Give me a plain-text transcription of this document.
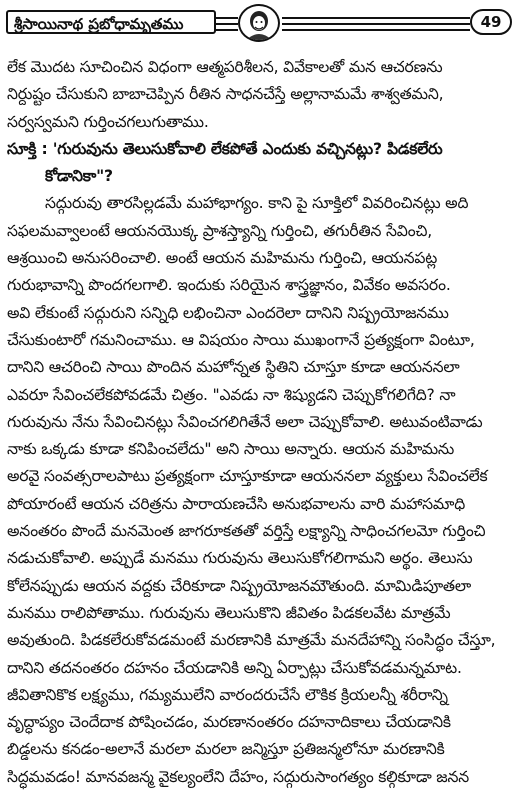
శ్రీసాయినాథ ప్రబోధామృతము	49
లేక మొదట సూచించిన విధంగా ఆత్మపరిశీలన, వివేకాలతో మన ఆచరణను
నిర్దుష్టం చేసుకుని బాబాచెప్పిన రీతిన సాధనచేస్తే అల్లానామమే శాశ్వతమని,
సర్వస్వమని గుర్తించగలుగుతాము.
సూక్తి : 'గురువును తెలుసుకోవాలి లేకపోతే ఎందుకు వచ్చినట్లు? పిడకలేరు
కోడానికా"?
సద్గురువు తారసిల్లడమే మహాభాగ్యం. కాని పై సూక్తిలో వివరించినట్లు అది
సఫలమవ్వాలంటే ఆయనయొక్క ప్రాశస్త్యాన్ని గుర్తించి, తగురీతిన సేవించి,
ఆశ్రయించి అనుసరించాలి. అంటే ఆయన మహిమను గుర్తించి, ఆయనపట్ల
గురుభావాన్ని పొందగలగాలి. ఇందుకు సరియైన శాస్త్రజ్ఞానం, వివేకం అవసరం.
అవి లేకుంటే సద్గురుని సన్నిధి లభించినా ఎందరెలా దానిని నిష్ప్రయోజనము
చేసుకుంటారో గమనించాము. ఆ విషయం సాయి ముఖంగానే ప్రత్యక్షంగా వింటూ,
దానిని ఆచరించి సాయి పొందిన మహోన్నత స్థితిని చూస్తూ కూడా ఆయననలా
ఎవరూ సేవించలేకపోవడమే చిత్రం. "ఎవడు నా శిష్యుడని చెప్పుకోగలిగేది? నా
గురువును నేను సేవించినట్లు సేవించగలిగితేనే అలా చెప్పుకోవాలి. అటువంటివాడు
నాకు ఒక్కడు కూడా కనిపించలేదు" అని సాయి అన్నారు. ఆయన మహిమను
అరవై సంవత్సరాలపాటు ప్రత్యక్షంగా చూస్తూకూడా ఆయననలా వ్యక్తులు సేవించలేక
పోయారంటే ఆయన చరిత్రను పారాయణచేసి అనుభవాలను వారి మహాసమాధి
అనంతరం పొందే మనమెంత జాగరూకతతో వర్తిస్తే లక్ష్యాన్ని సాధించగలమో గుర్తించి
నడుచుకోవాలి. అప్పుడే మనము గురువును తెలుసుకోగలిగామని అర్థం. తెలుసు
కోలేనప్పుడు ఆయన వద్దకు చేరికూడా నిష్ప్రయోజనమౌతుంది. మామిడిపూతలా
మనము రాలిపోతాము. గురువును తెలుసుకొని జీవితం పిడకలవేట మాత్రమే
అవుతుంది. పిడకలేరుకోవడమంటే మరణానికి మాత్రమే మనదేహాన్ని సంసిద్ధం చేస్తూ,
దానిని తదనంతరం దహనం చేయడానికి అన్ని ఏర్పాట్లు చేసుకోవడమన్నమాట.
జీవితానికొక లక్ష్యము, గమ్యములేని వారందరుచేసే లౌకిక క్రియలన్నీ శరీరాన్ని
వృద్ధాప్యం చెందేదాక పోషించడం, మరణానంతరం దహనాదికాలు చేయడానికి
బిడ్డలను కనడం-అలానే మరలా మరలా జన్మిస్తూ ప్రతిజన్మలోనూ మరణానికి
సిద్ధమవడం! మానవజన్మ వైకల్యంలేని దేహం, సద్గురుసాంగత్యం కల్గికూడా జనన
